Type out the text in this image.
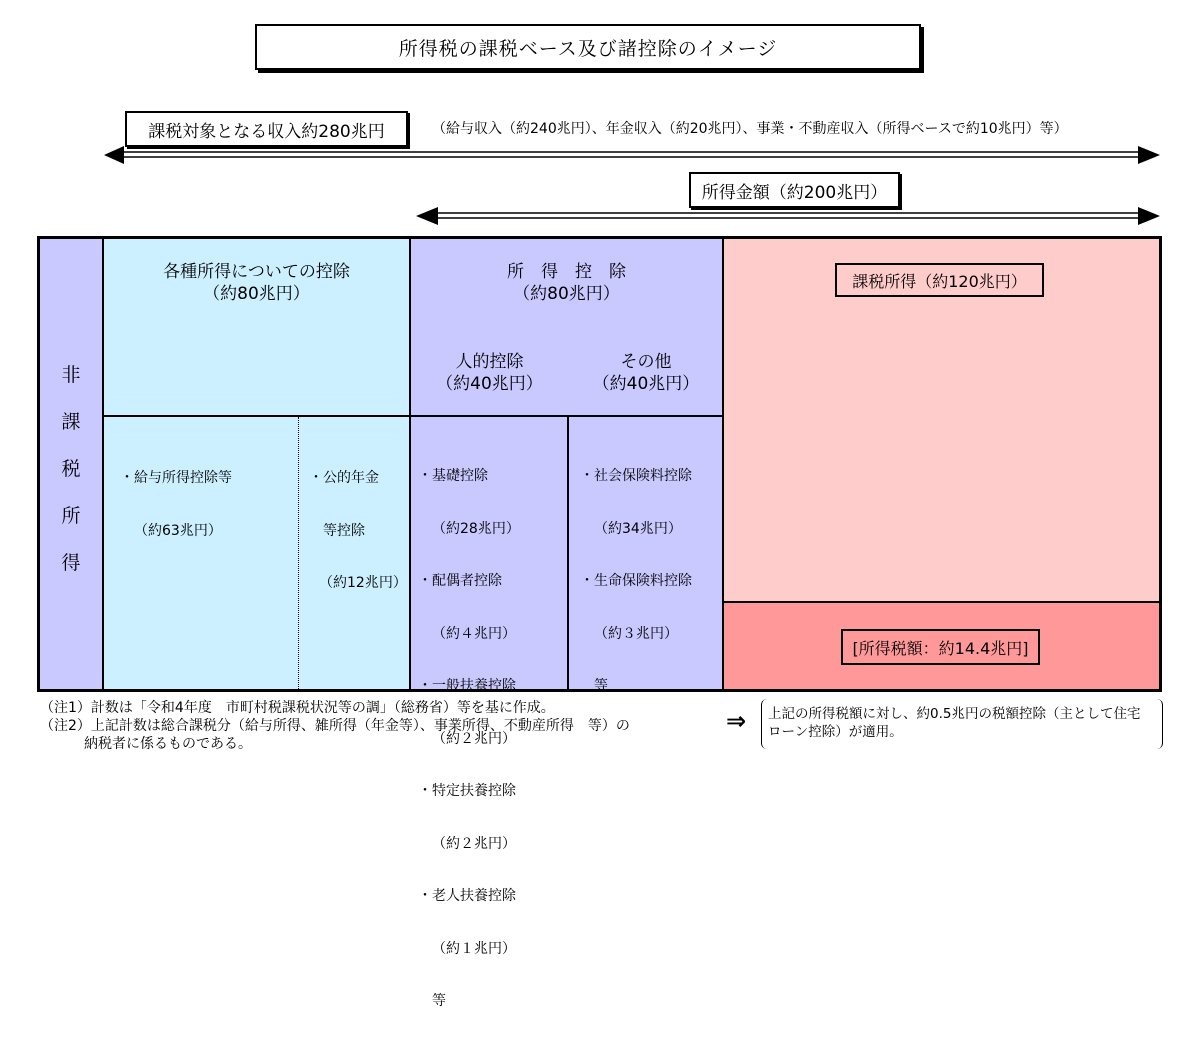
所得税の課税ベース及び諸控除のイメージ
課税対象となる収入約280兆円	（給与収入（約240兆円）、年金収入（約20兆円）、事業・不動産収入（所得ベースで約10兆円）等）
所得金額（約200兆円）
非
課
税
所
得
各種所得についての控除
（約80兆円）

・給与所得控除等

（約63兆円）

・公的年金

等控除

（約12兆円）

所　得　控　除
（約80兆円）
人的控除
（約40兆円）
その他
（約40兆円）

・基礎控除

（約28兆円）

・配偶者控除

（約４兆円）

・一般扶養控除

（約２兆円）

・特定扶養控除

（約２兆円）

・老人扶養控除

（約１兆円）

等

・社会保険料控除

（約34兆円）

・生命保険料控除

（約３兆円）

等

課税所得（約120兆円）
[所得税額：約14.4兆円]
（注1）計数は「令和4年度　市町村税課税状況等の調」（総務省）等を基に作成。
（注2）上記計数は総合課税分（給与所得、雑所得（年金等）、事業所得、不動産所得　等）の
納税者に係るものである。
⇒ 上記の所得税額に対し、約0.5兆円の税額控除（主として住宅
ローン控除）が適用。
